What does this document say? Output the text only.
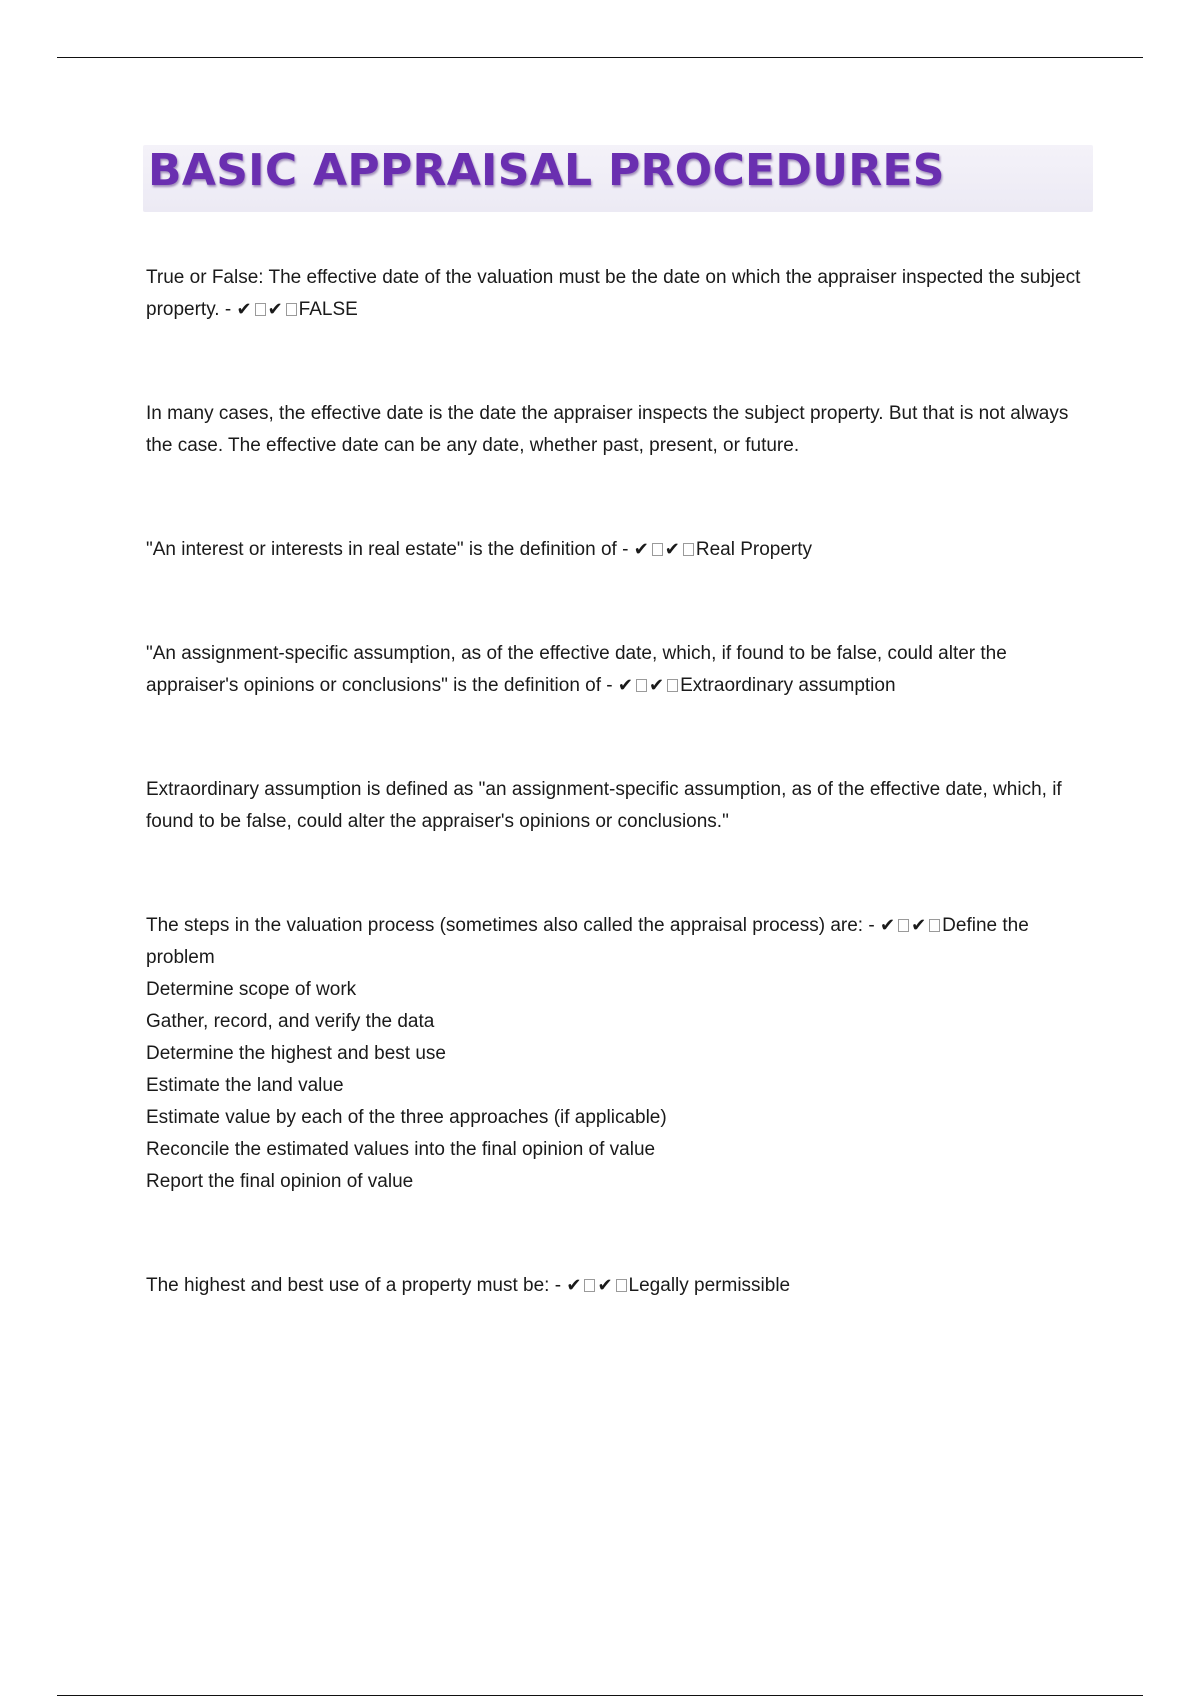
BASIC APPRAISAL PROCEDURES

True or False: The effective date of the valuation must be the date on which the appraiser inspected the subject property. - ✔ ✔ FALSE

In many cases, the effective date is the date the appraiser inspects the subject property. But that is not always the case. The effective date can be any date, whether past, present, or future.

"An interest or interests in real estate" is the definition of - ✔ ✔ Real Property

"An assignment-specific assumption, as of the effective date, which, if found to be false, could alter the appraiser's opinions or conclusions" is the definition of - ✔ ✔ Extraordinary assumption

Extraordinary assumption is defined as "an assignment-specific assumption, as of the effective date, which, if found to be false, could alter the appraiser's opinions or conclusions."

The steps in the valuation process (sometimes also called the appraisal process) are: - ✔ ✔ Define the problem

Determine scope of work

Gather, record, and verify the data

Determine the highest and best use

Estimate the land value

Estimate value by each of the three approaches (if applicable)

Reconcile the estimated values into the final opinion of value

Report the final opinion of value

The highest and best use of a property must be: - ✔ ✔ Legally permissible
